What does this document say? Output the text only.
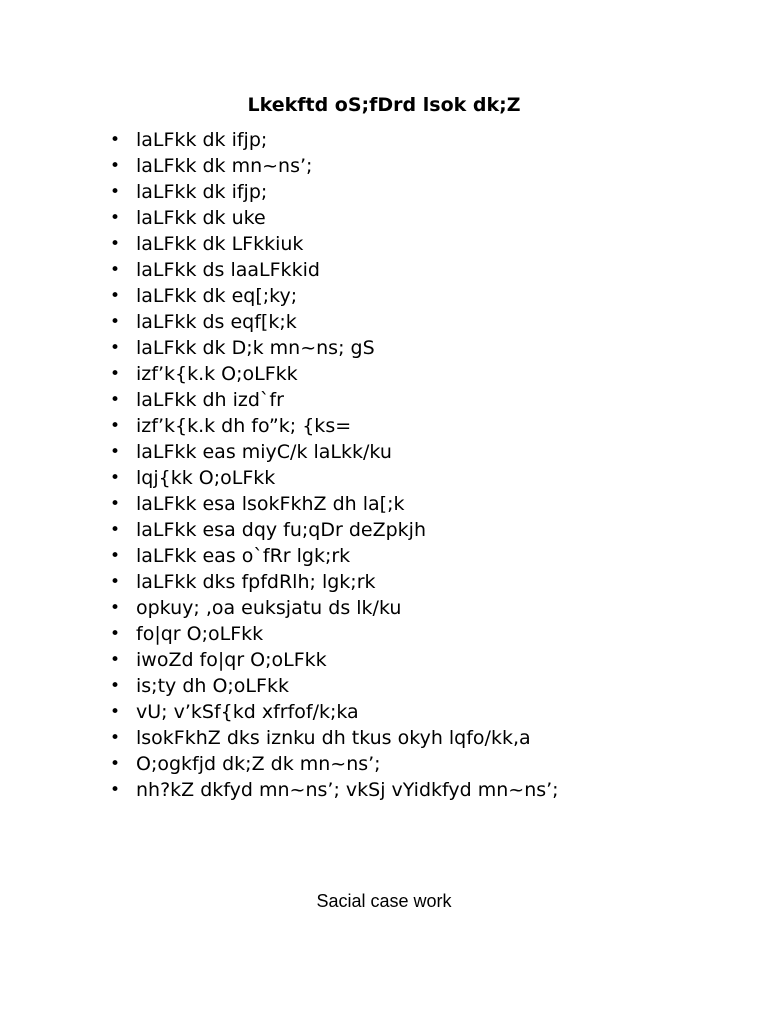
Lkekftd oS;fDrd lsok dk;Z
• laLFkk dk ifjp;
• laLFkk dk mn~ns’;
• laLFkk dk ifjp;
• laLFkk dk uke
• laLFkk dk LFkkiuk
• laLFkk ds laaLFkkid
• laLFkk dk eq[;ky;
• laLFkk ds eqf[k;k
• laLFkk dk D;k mn~ns; gS
• izf’k{k.k O;oLFkk
• laLFkk dh izd`fr
• izf’k{k.k dh fo”k; {ks=
• laLFkk eas miyC/k laLkk/ku
• lqj{kk O;oLFkk
• laLFkk esa lsokFkhZ dh la[;k
• laLFkk esa dqy fu;qDr deZpkjh
• laLFkk eas o`fRr lgk;rk
• laLFkk dks fpfdRlh; lgk;rk
• opkuy; ,oa euksjatu ds lk/ku
• fo|qr O;oLFkk
• iwoZd fo|qr O;oLFkk
• is;ty dh O;oLFkk
• vU; v’kSf{kd xfrfof/k;ka
• lsokFkhZ dks iznku dh tkus okyh lqfo/kk,a
• O;ogkfjd dk;Z dk mn~ns’;
• nh?kZ dkfyd mn~ns’; vkSj vYidkfyd mn~ns’;
Sacial case work
